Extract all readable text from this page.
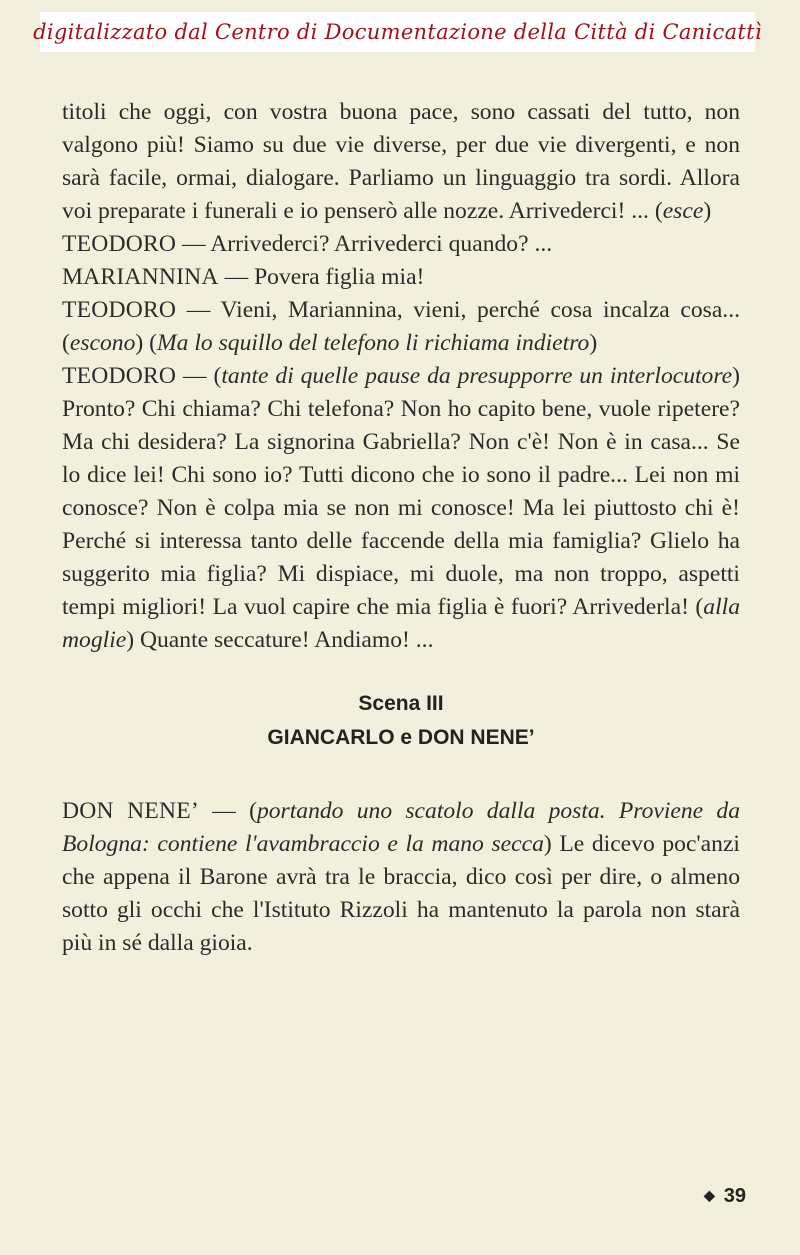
digitalizzato dal Centro di Documentazione della Città di Canicattì

titoli che oggi, con vostra buona pace, sono cassati del tutto, non valgono più! Siamo su due vie diverse, per due vie divergenti, e non sarà facile, ormai, dialogare. Parliamo un linguaggio tra sordi. Allora voi preparate i funerali e io penserò alle nozze. Arrivederci! ... (esce)

TEODORO — Arrivederci? Arrivederci quando? ...

MARIANNINA — Povera figlia mia!

TEODORO — Vieni, Mariannina, vieni, perché cosa incalza cosa... (escono) (Ma lo squillo del telefono li richiama indietro)

TEODORO — (tante di quelle pause da presupporre un interlocutore) Pronto? Chi chiama? Chi telefona? Non ho capito bene, vuole ripetere? Ma chi desidera? La signorina Gabriella? Non c'è! Non è in casa... Se lo dice lei! Chi sono io? Tutti dicono che io sono il padre... Lei non mi conosce? Non è colpa mia se non mi conosce! Ma lei piuttosto chi è! Perché si interessa tanto delle faccende della mia famiglia? Glielo ha suggerito mia figlia? Mi dispiace, mi duole, ma non troppo, aspetti tempi migliori! La vuol capire che mia figlia è fuori? Arrivederla! (alla moglie) Quante seccature! Andiamo! ...

Scena III
GIANCARLO e DON NENE’

DON NENE’ — (portando uno scatolo dalla posta. Proviene da Bologna: contiene l'avambraccio e la mano secca) Le dicevo poc'anzi che appena il Barone avrà tra le braccia, dico così per dire, o almeno sotto gli occhi che l'Istituto Rizzoli ha mantenuto la parola non starà più in sé dalla gioia.

◆ 39
